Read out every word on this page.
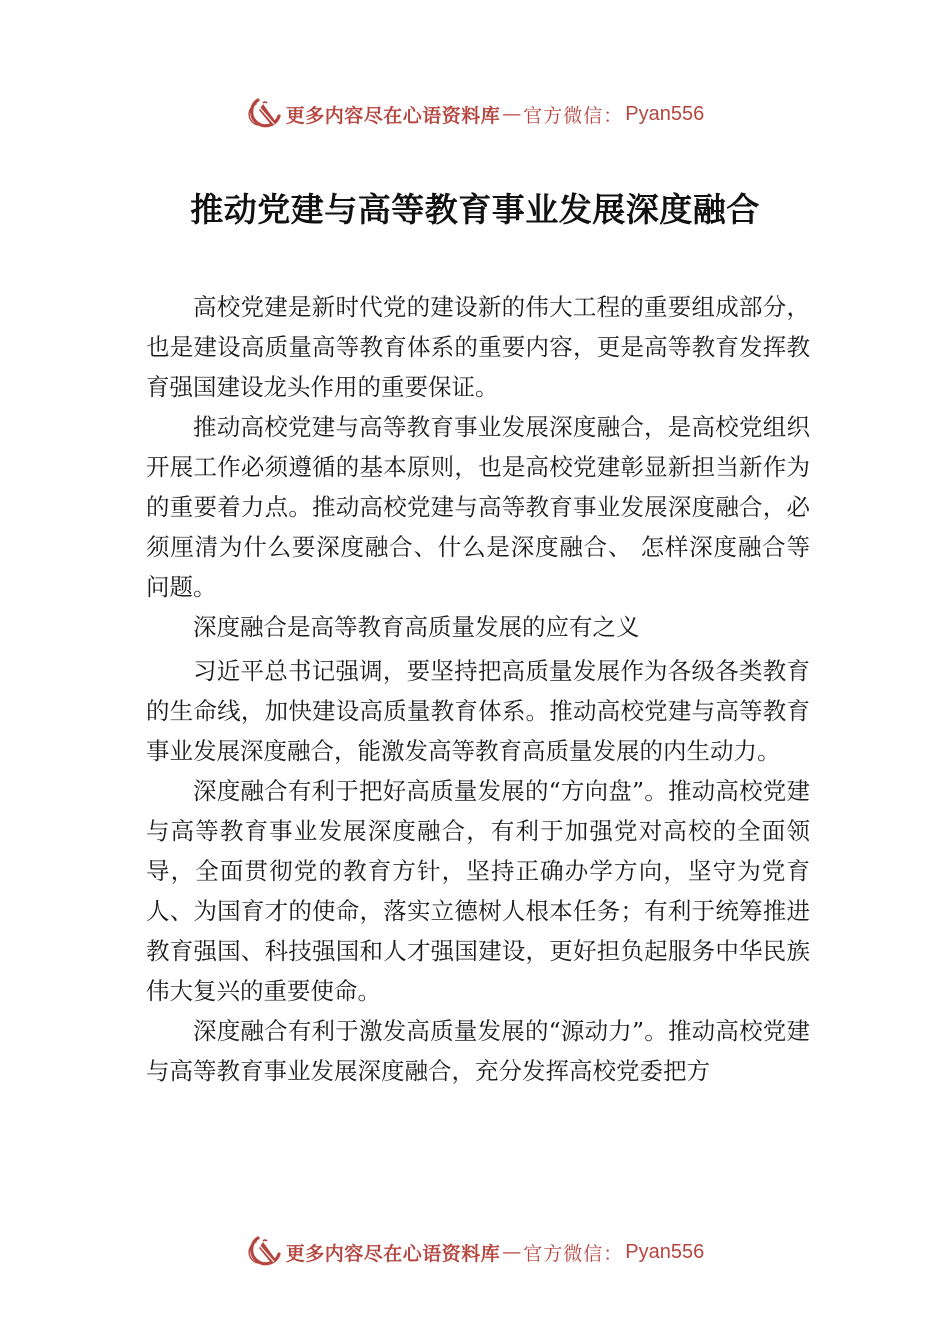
更多内容尽在心语资料库 — 官方微信： Pyan556
推动党建与高等教育事业发展深度融合

高校党建是新时代党的建设新的伟大工程的重要组成部分，也是建设高质量高等教育体系的重要内容，更是高等教育发挥教育强国建设龙头作用的重要保证。

推动高校党建与高等教育事业发展深度融合，是高校党组织开展工作必须遵循的基本原则，也是高校党建彰显新担当新作为的重要着力点。推动高校党建与高等教育事业发展深度融合，必须厘清为什么要深度融合、什么是深度融合、 怎样深度融合等问题。

深度融合是高等教育高质量发展的应有之义

习近平总书记强调，要坚持把高质量发展作为各级各类教育的生命线，加快建设高质量教育体系。推动高校党建与高等教育事业发展深度融合，能激发高等教育高质量发展的内生动力。

深度融合有利于把好高质量发展的“方向盘”。推动高校党建与高等教育事业发展深度融合，有利于加强党对高校的全面领导，全面贯彻党的教育方针，坚持正确办学方向，坚守为党育人、为国育才的使命，落实立德树人根本任务；有利于统筹推进教育强国、科技强国和人才强国建设，更好担负起服务中华民族伟大复兴的重要使命。

深度融合有利于激发高质量发展的“源动力”。推动高校党建与高等教育事业发展深度融合，充分发挥高校党委把方

更多内容尽在心语资料库 — 官方微信： Pyan556
